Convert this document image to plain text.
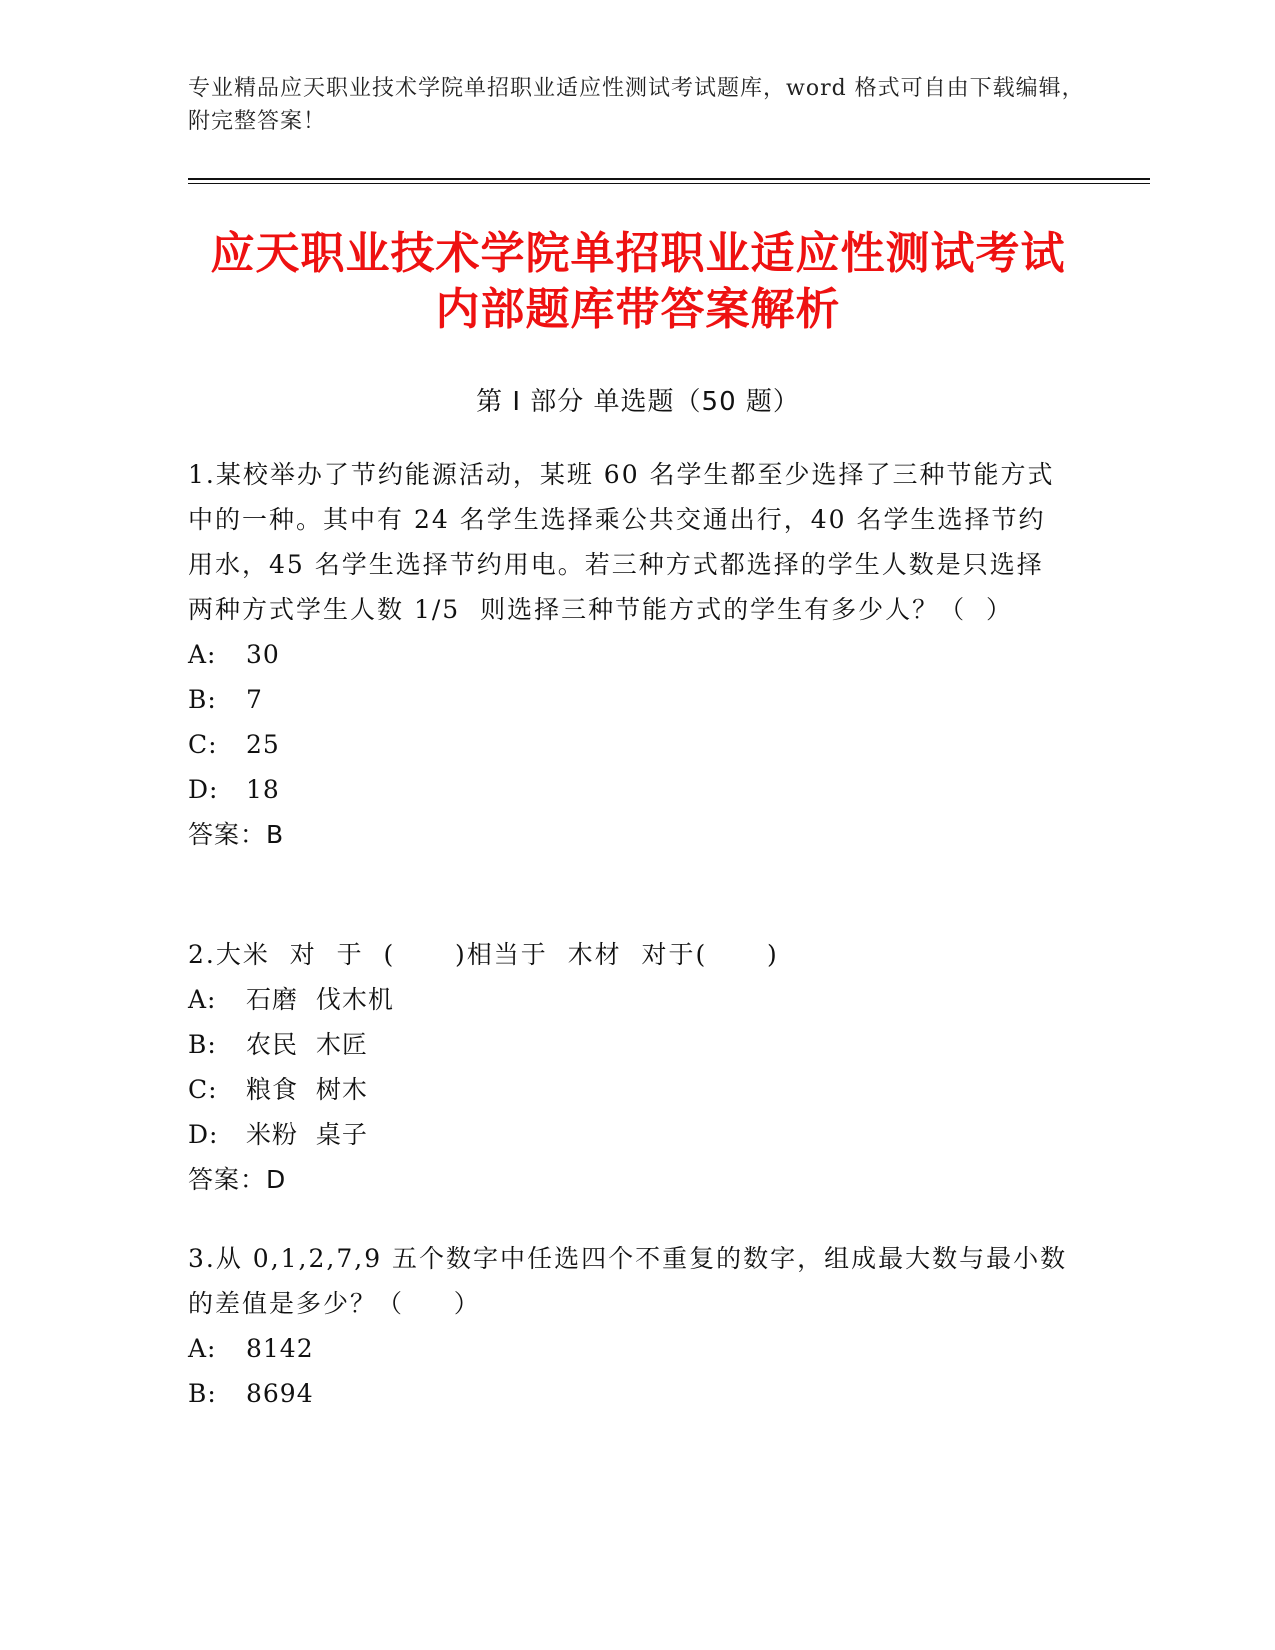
专业精品应天职业技术学院单招职业适应性测试考试题库，word 格式可自由下载编辑，附完整答案！
应天职业技术学院单招职业适应性测试考试
内部题库带答案解析
第 I 部分 单选题（50 题）
1.某校举办了节约能源活动，某班 60 名学生都至少选择了三种节能方式中的一种。其中有 24 名学生选择乘公共交通出行，40 名学生选择节约用水，45 名学生选择节约用电。若三种方式都选择的学生人数是只选择两种方式学生人数 1/5  则选择三种节能方式的学生有多少人？（  ）
A: 30
B: 7
C: 25
D: 18
答案：B
2.大米  对  于  (      )相当于  木材  对于(      )
A: 石磨  伐木机
B: 农民  木匠
C: 粮食  树木
D: 米粉  桌子
答案：D
3.从 0,1,2,7,9 五个数字中任选四个不重复的数字，组成最大数与最小数的差值是多少？（     ）
A: 8142
B: 8694
